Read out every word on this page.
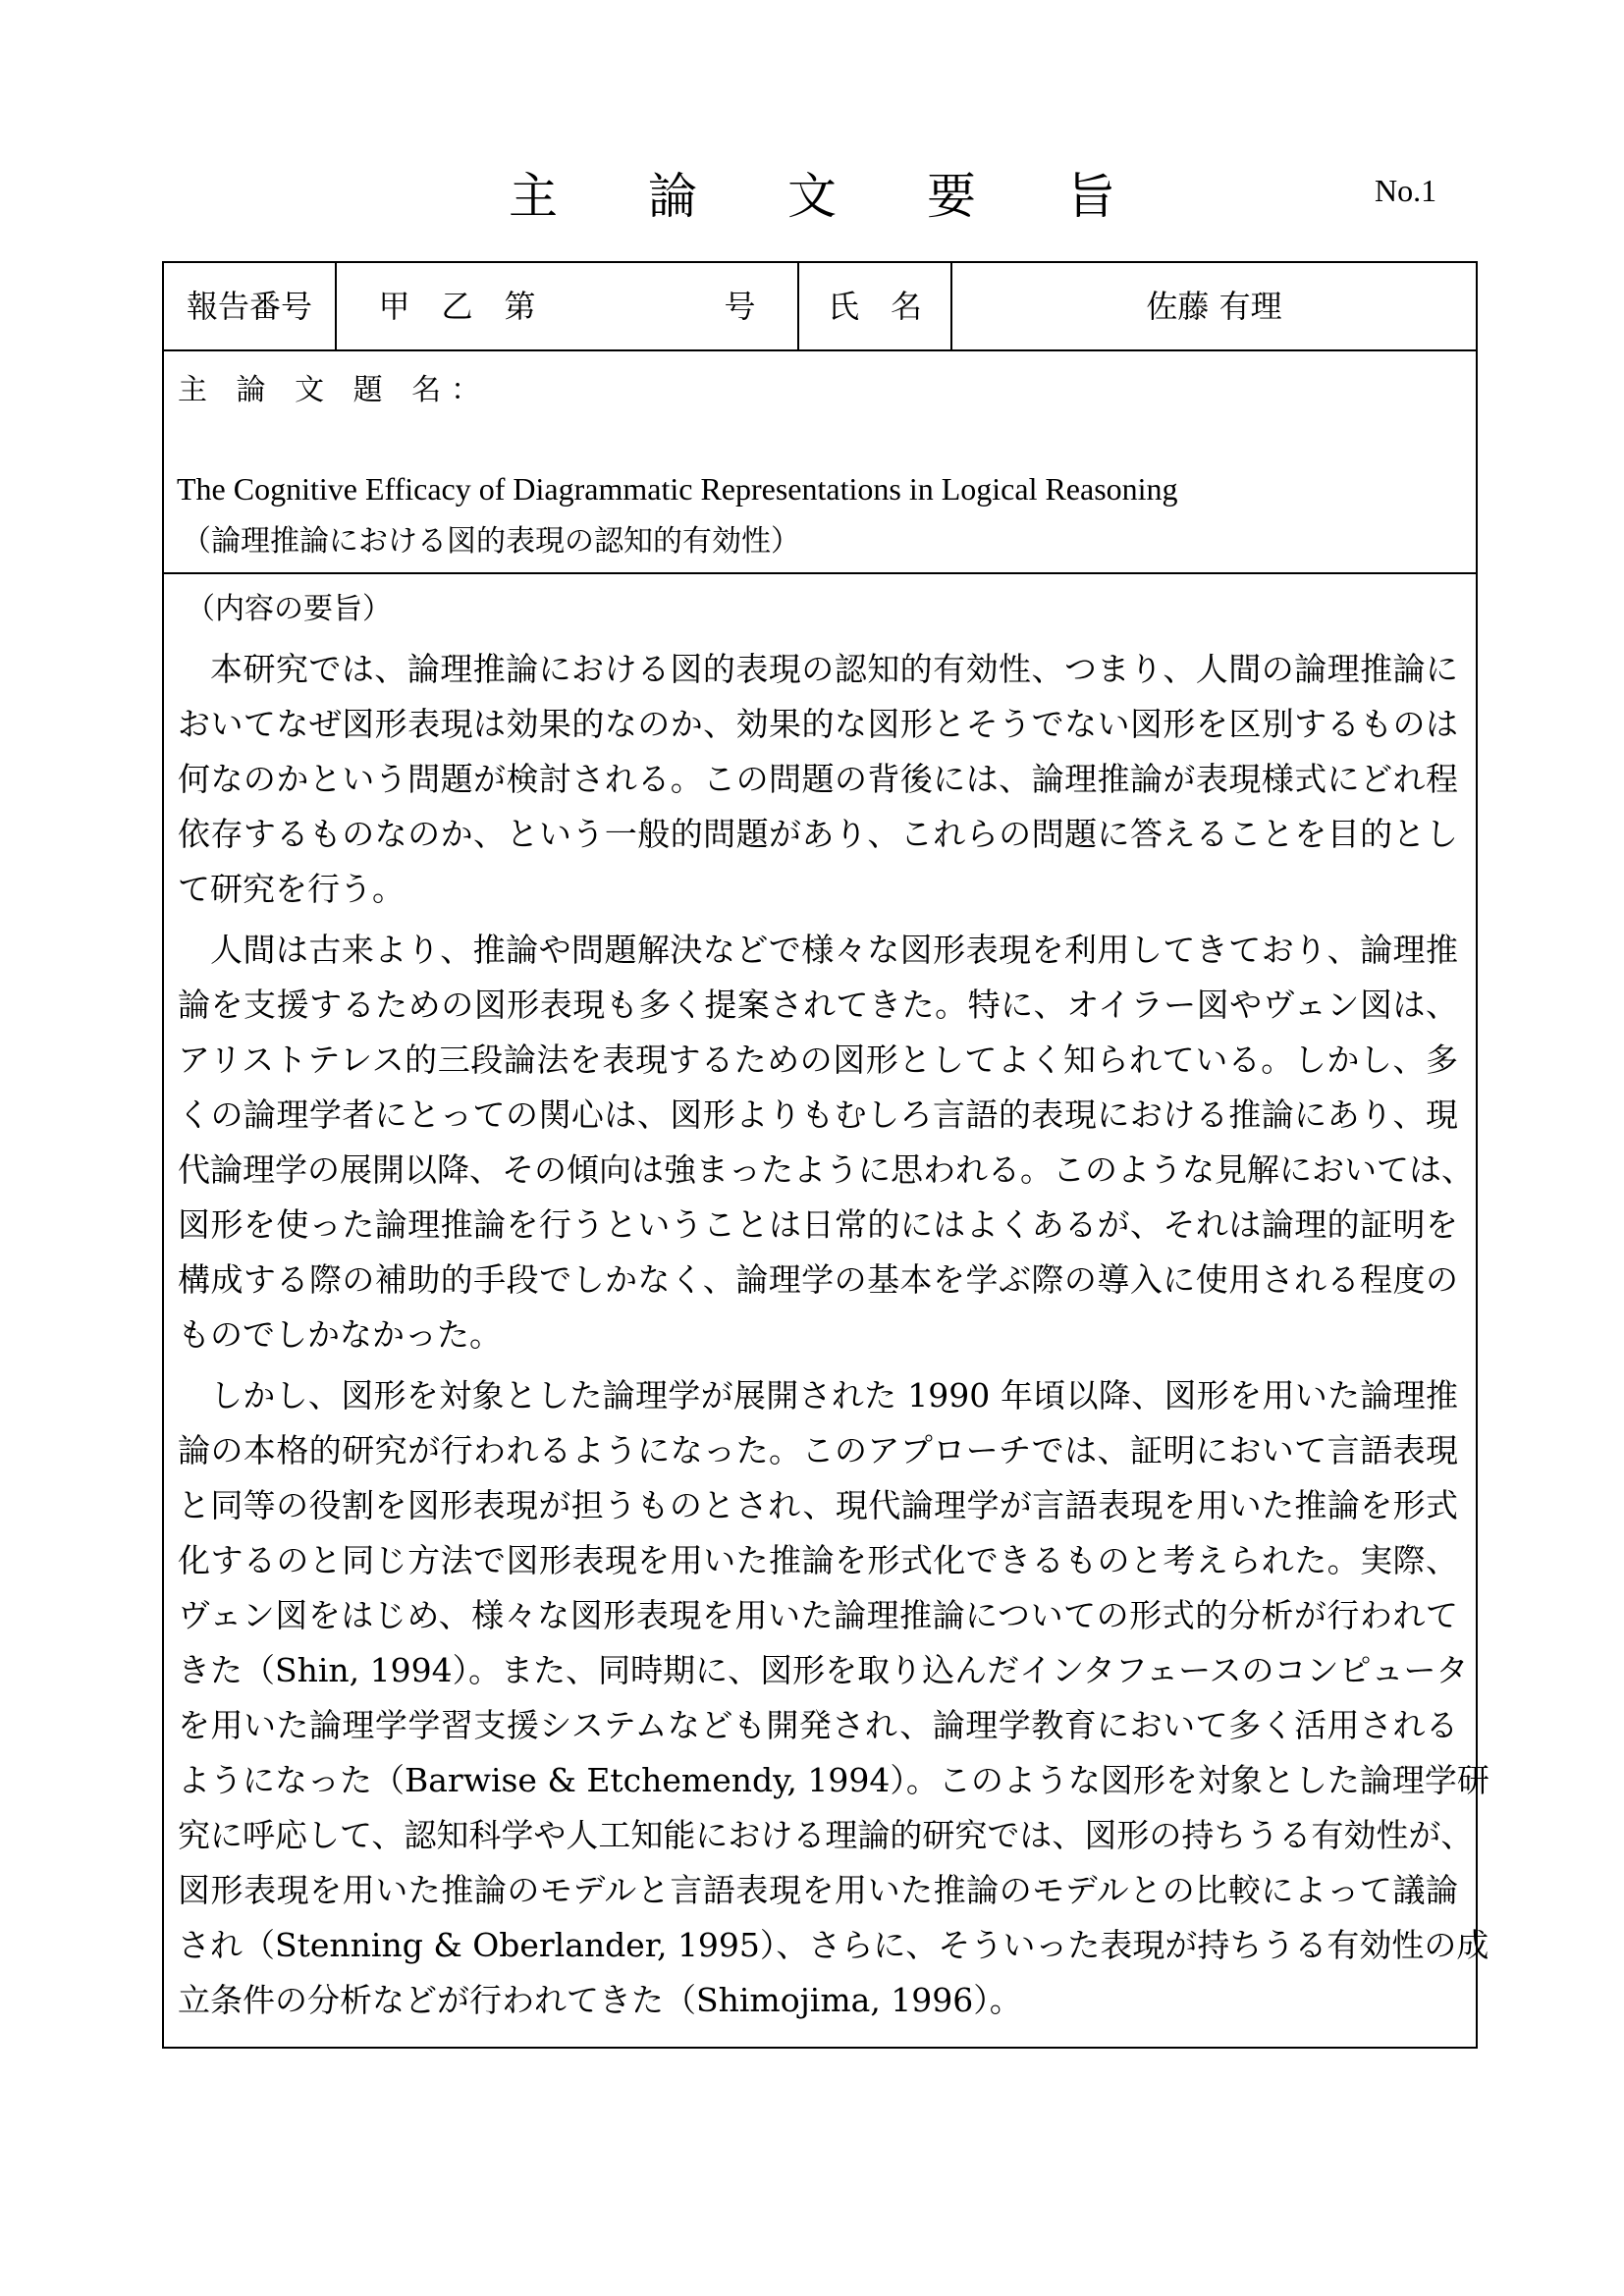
主 論 文 要 旨	No.1
報告番号	甲　乙　第　　　　　　号	氏　名	佐藤 有理
主 論 文 題 名：
The Cognitive Efficacy of Diagrammatic Representations in Logical Reasoning
（論理推論における図的表現の認知的有効性）
（内容の要旨）
本研究では、論理推論における図的表現の認知的有効性、つまり、人間の論理推論に
おいてなぜ図形表現は効果的なのか、効果的な図形とそうでない図形を区別するものは
何なのかという問題が検討される。この問題の背後には、論理推論が表現様式にどれ程
依存するものなのか、という一般的問題があり、これらの問題に答えることを目的とし
て研究を行う。
人間は古来より、推論や問題解決などで様々な図形表現を利用してきており、論理推
論を支援するための図形表現も多く提案されてきた。特に、オイラー図やヴェン図は、
アリストテレス的三段論法を表現するための図形としてよく知られている。しかし、多
くの論理学者にとっての関心は、図形よりもむしろ言語的表現における推論にあり、現
代論理学の展開以降、その傾向は強まったように思われる。このような見解においては、
図形を使った論理推論を行うということは日常的にはよくあるが、それは論理的証明を
構成する際の補助的手段でしかなく、論理学の基本を学ぶ際の導入に使用される程度の
ものでしかなかった。
しかし、図形を対象とした論理学が展開された 1990 年頃以降、図形を用いた論理推
論の本格的研究が行われるようになった。このアプローチでは、証明において言語表現
と同等の役割を図形表現が担うものとされ、現代論理学が言語表現を用いた推論を形式
化するのと同じ方法で図形表現を用いた推論を形式化できるものと考えられた。実際、
ヴェン図をはじめ、様々な図形表現を用いた論理推論についての形式的分析が行われて
きた（Shin, 1994）。また、同時期に、図形を取り込んだインタフェースのコンピュータ
を用いた論理学学習支援システムなども開発され、論理学教育において多く活用される
ようになった（Barwise & Etchemendy, 1994）。このような図形を対象とした論理学研
究に呼応して、認知科学や人工知能における理論的研究では、図形の持ちうる有効性が、
図形表現を用いた推論のモデルと言語表現を用いた推論のモデルとの比較によって議論
され（Stenning & Oberlander, 1995）、さらに、そういった表現が持ちうる有効性の成
立条件の分析などが行われてきた（Shimojima, 1996）。
